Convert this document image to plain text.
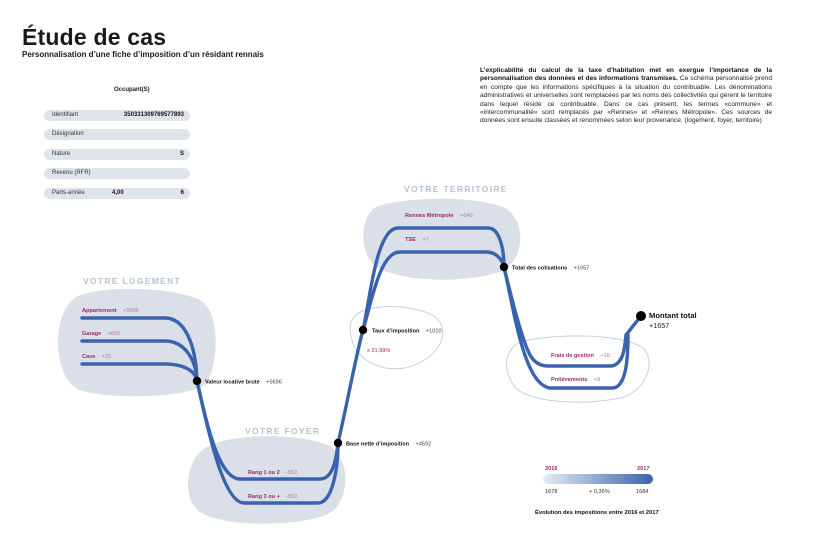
Étude de cas
Personnalisation d’une fiche d’imposition d’un résidant rennais
L’explicabilité du calcul de la taxe d’habitation met en exergue l’importance de la personnalisation des données et des informations transmises. Ce schéma personnalisé prend en compte que les informations spécifiques à la situation du contribuable. Les dénominations administratives et universelles sont remplacées par les noms des collectivités qui gèrent le territoire dans lequel réside ce contribuable. Dans ce cas présent, les termes «commune» et «intercommunalité» sont remplacés par «Rennes» et «Rennes Métropole». Ces sources de données sont ensuite classées et renommées selon leur provenance. (logement, foyer, territoire)
Occupant(S)
Identifiant	350331309769577893
Désignation
Nature	S
Revenu (RFR)
Parts-année	4,00	6
VOTRE LOGEMENT
VOTRE FOYER
VOTRE TERRITOIRE
Appartement +5006
Garage +665
Cave +25
Rang 1 ou 2 -552
Rang 3 ou + -552
Rennes Métropole +640
TSE +7
Frais de gestion +18
Prélèvements +9
Valeur locative brute +5696
Base nette d’imposition +4592
Taux d’imposition +1010
x 21,99%
Total des cotisations +1657
Montant total
+1657
2016	2017
1678	+ 0,36%	1684
Évolution des impositions entre 2016 et 2017
